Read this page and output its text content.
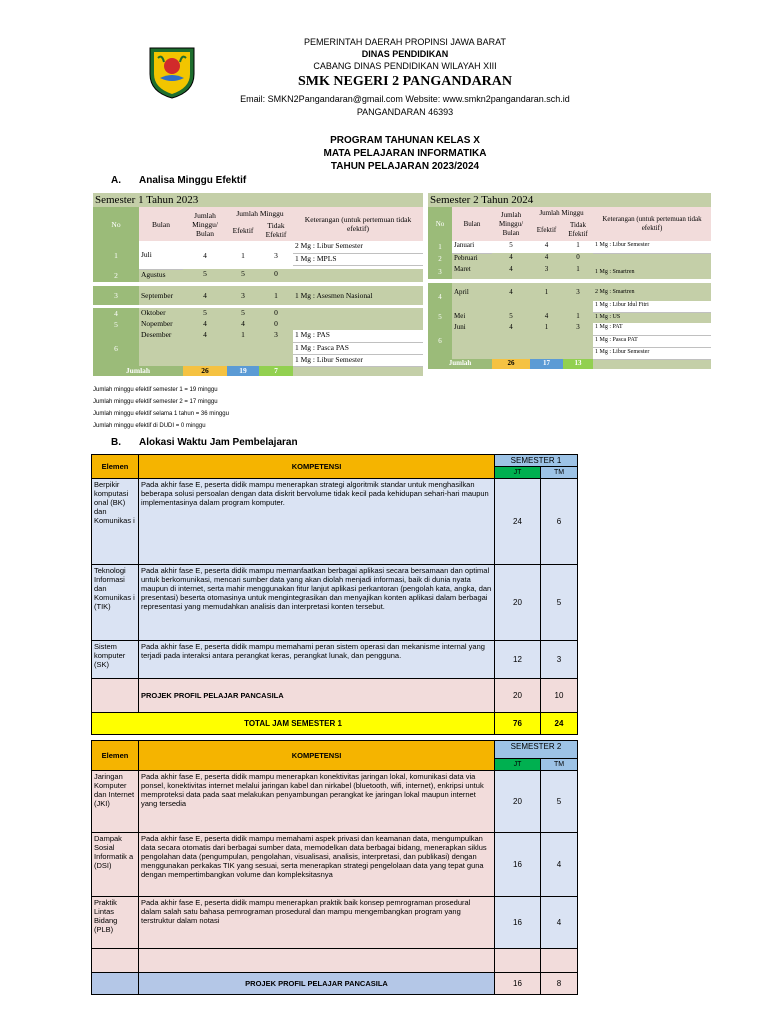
PEMERINTAH DAERAH PROPINSI JAWA BARAT
DINAS PENDIDIKAN
CABANG DINAS PENDIDIKAN WILAYAH XIII
SMK NEGERI 2 PANGANDARAN
Email: SMKN2Pangandaran@gmail.com Website: www.smkn2pangandaran.sch.id
PANGANDARAN 46393
PROGRAM TAHUNAN KELAS X
MATA PELAJARAN INFORMATIKA
TAHUN PELAJARAN 2023/2024
A. Analisa Minggu Efektif
Semester 1 Tahun 2023
No	Bulan	Jumlah Minggu/ Bulan	Jumlah Minggu		Keterangan (untuk pertemuan tidak efektif)
			Efektif	Tidak Efektif	
1	Juli	4	1	3	2 Mg : Libur Semester
					1 Mg : MPLS

2	Agustus	5	5	0	

3	September	4	3	1	1 Mg : Asesmen Nasional

4	Oktober	5	5	0	
5	Nopember	4	4	0	
6	Desember	4	1	3	1 Mg : PAS
					1 Mg : Pasca PAS
					1 Mg : Libur Semester
Jumlah		26	19	7	
Semester 2 Tahun 2024
No	Bulan	Jumlah Minggu/ Bulan	Jumlah Minggu		Keterangan (untuk pertemuan tidak efektif)
			Efektif	Tidak Efektif	
1	Januari	5	4	1	1 Mg : Libur Semester
2	Pebruari	4	4	0	
3	Maret	4	3	1	1 Mg : Smartren

4	April	4	1	3	2 Mg : Smartren
					1 Mg : Libur Idul Fitri
5	Mei	5	4	1	1 Mg : US
6	Juni	4	1	3	1 Mg : PAT
					1 Mg : Pasca PAT
					1 Mg : Libur Semester
Jumlah		26	17	13	
Jumlah minggu efektif semester 1 = 19 minggu
Jumlah minggu efektif semester 2 = 17 minggu
Jumlah minggu efektif selama 1 tahun = 36 minggu
Jumlah minggu efektif di DUDI = 0 minggu
B. Alokasi Waktu Jam Pembelajaran
Elemen	KOMPETENSI	SEMESTER 1	
		JT	TM
Berpikir komputasi onal (BK) dan Komunikas i	Pada akhir fase E, peserta didik mampu menerapkan strategi algoritmik standar untuk menghasilkan beberapa solusi persoalan dengan data diskrit bervolume tidak kecil pada kehidupan sehari-hari maupun implementasinya dalam program komputer.	24	6
Teknologi Informasi dan Komunikas i (TIK)	Pada akhir fase E, peserta didik mampu memanfaatkan berbagai aplikasi secara bersamaan dan optimal untuk berkomunikasi, mencari sumber data yang akan diolah menjadi informasi, baik di dunia nyata maupun di internet, serta mahir menggunakan fitur lanjut aplikasi perkantoran (pengolah kata, angka, dan presentasi) beserta otomasinya untuk mengintegrasikan dan menyajikan konten aplikasi dalam berbagai representasi yang memudahkan analisis dan interpretasi konten tersebut.	20	5
Sistem komputer (SK)	Pada akhir fase E, peserta didik mampu memahami peran sistem operasi dan mekanisme internal yang terjadi pada interaksi antara perangkat keras, perangkat lunak, dan pengguna.	12	3
	PROJEK PROFIL PELAJAR PANCASILA	20	10
TOTAL JAM SEMESTER 1		76	24
Elemen	KOMPETENSI	SEMESTER 2	
		JT	TM
Jaringan Komputer dan Internet (JKI)	Pada akhir fase E, peserta didik mampu menerapkan konektivitas jaringan lokal, komunikasi data via ponsel, konektivitas internet melalui jaringan kabel dan nirkabel (bluetooth, wifi, internet), enkripsi untuk memproteksi data pada saat melakukan penyambungan perangkat ke jaringan lokal maupun internet yang tersedia	20	5
Dampak Sosial Informatik a (DSI)	Pada akhir fase E, peserta didik mampu memahami aspek privasi dan keamanan data, mengumpulkan data secara otomatis dari berbagai sumber data, memodelkan data berbagai bidang, menerapkan siklus pengolahan data (pengumpulan, pengolahan, visualisasi, analisis, interpretasi, dan publikasi) dengan menggunakan perkakas TIK yang sesuai, serta menerapkan strategi pengelolaan data yang tepat guna dengan mempertimbangkan volume dan kompleksitasnya	16	4
Praktik Lintas Bidang (PLB)	Pada akhir fase E, peserta didik mampu menerapkan praktik baik konsep pemrograman prosedural dalam salah satu bahasa pemrograman prosedural dan mampu mengembangkan program yang terstruktur dalam notasi	16	4

	PROJEK PROFIL PELAJAR PANCASILA	16	8
